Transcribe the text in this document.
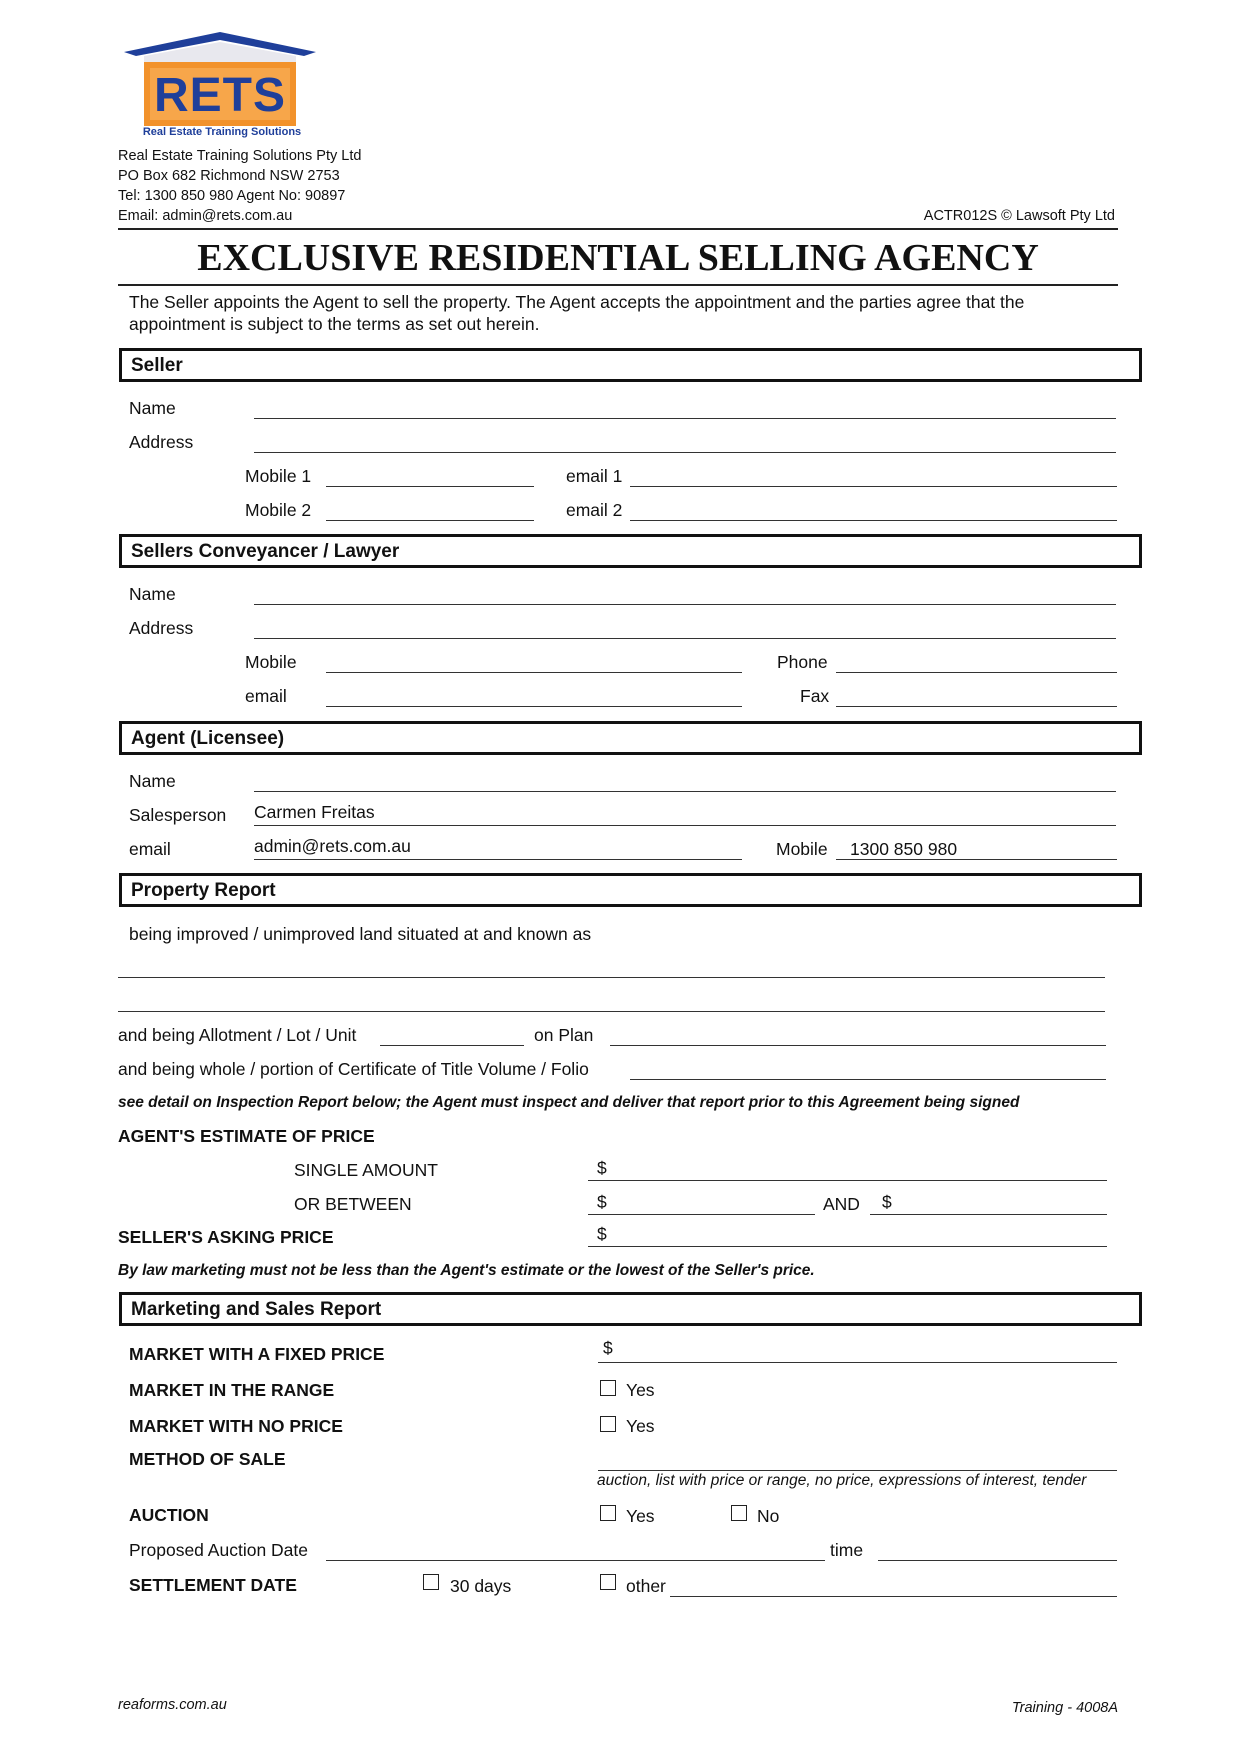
RETS
Real Estate Training Solutions
Real Estate Training Solutions Pty Ltd
PO Box 682 Richmond NSW 2753
Tel: 1300 850 980 Agent No: 90897
Email: admin@rets.com.au	ACTR012S © Lawsoft Pty Ltd
EXCLUSIVE RESIDENTIAL SELLING AGENCY
The Seller appoints the Agent to sell the property. The Agent accepts the appointment and the parties agree that the
appointment is subject to the terms as set out herein.
Seller
Name
Address
Mobile 1	email 1
Mobile 2	email 2
Sellers Conveyancer / Lawyer
Name
Address
Mobile	Phone
email	Fax
Agent (Licensee)
Name
Salesperson Carmen Freitas
email	admin@rets.com.au	Mobile 1300 850 980
Property Report
being improved / unimproved land situated at and known as
and being Allotment / Lot / Unit	on Plan
and being whole / portion of Certificate of Title Volume / Folio
see detail on Inspection Report below; the Agent must inspect and deliver that report prior to this Agreement being signed
AGENT'S ESTIMATE OF PRICE
SINGLE AMOUNT	$
OR BETWEEN	$	AND $
SELLER'S ASKING PRICE	$
By law marketing must not be less than the Agent's estimate or the lowest of the Seller's price.
Marketing and Sales Report
MARKET WITH A FIXED PRICE	$
MARKET IN THE RANGE	Yes
MARKET WITH NO PRICE	Yes
METHOD OF SALE
auction, list with price or range, no price, expressions of interest, tender
AUCTION	Yes	No
Proposed Auction Date	time
SETTLEMENT DATE	30 days	other
reaforms.com.au	Training - 4008A
